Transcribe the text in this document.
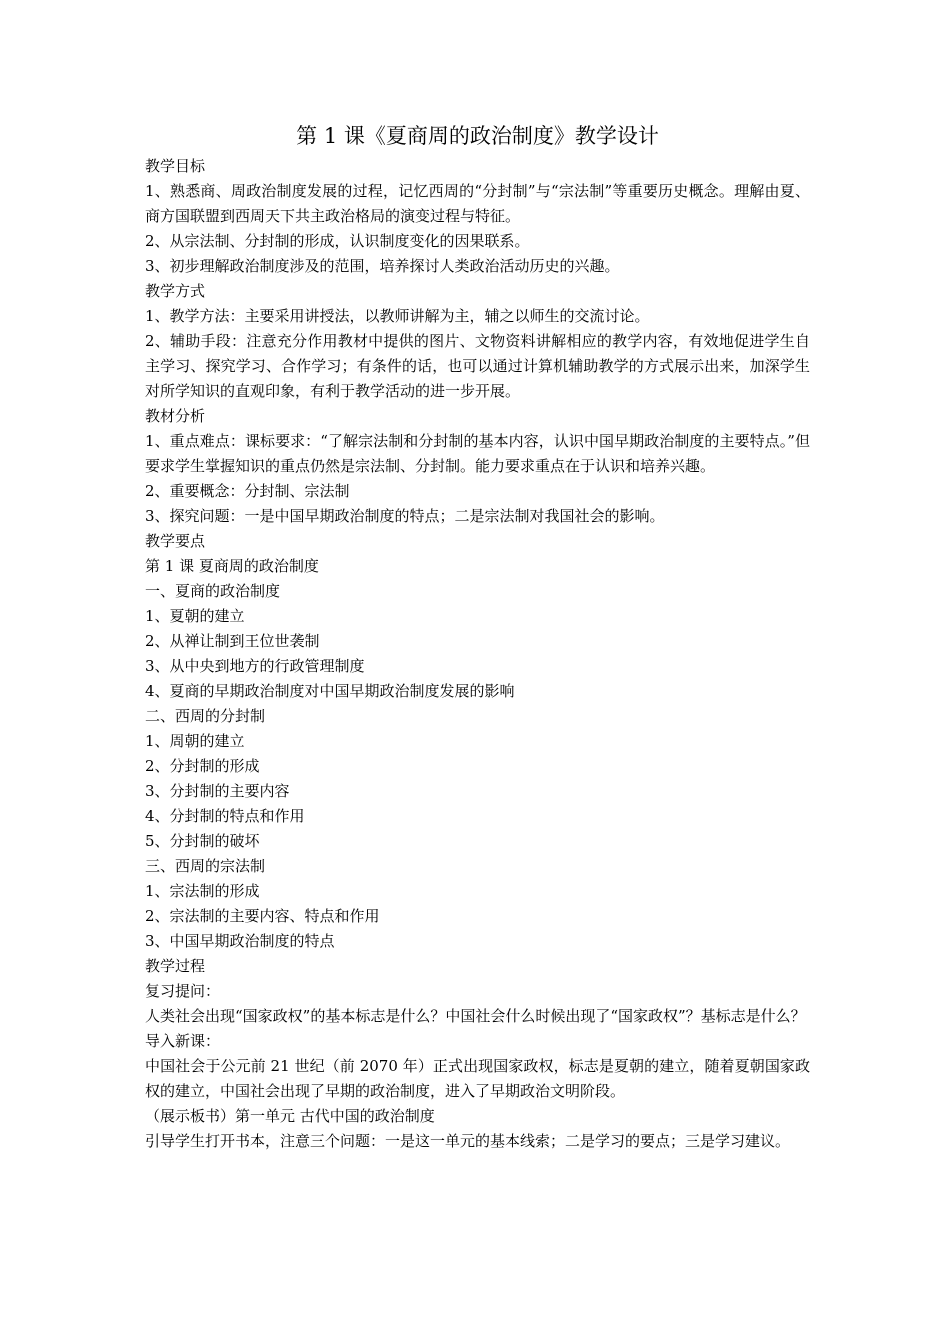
第 1 课《夏商周的政治制度》教学设计

教学目标

1、熟悉商、周政治制度发展的过程，记忆西周的“分封制”与“宗法制”等重要历史概念。理解由夏、商方国联盟到西周天下共主政治格局的演变过程与特征。

2、从宗法制、分封制的形成，认识制度变化的因果联系。

3、初步理解政治制度涉及的范围，培养探讨人类政治活动历史的兴趣。

教学方式

1、教学方法：主要采用讲授法，以教师讲解为主，辅之以师生的交流讨论。

2、辅助手段：注意充分作用教材中提供的图片、文物资料讲解相应的教学内容，有效地促进学生自主学习、探究学习、合作学习；有条件的话，也可以通过计算机辅助教学的方式展示出来，加深学生对所学知识的直观印象，有利于教学活动的进一步开展。

教材分析

1、重点难点：课标要求：“了解宗法制和分封制的基本内容，认识中国早期政治制度的主要特点。”但要求学生掌握知识的重点仍然是宗法制、分封制。能力要求重点在于认识和培养兴趣。

2、重要概念：分封制、宗法制

3、探究问题：一是中国早期政治制度的特点；二是宗法制对我国社会的影响。

教学要点

第 1 课 夏商周的政治制度

一、夏商的政治制度

1、夏朝的建立

2、从禅让制到王位世袭制

3、从中央到地方的行政管理制度

4、夏商的早期政治制度对中国早期政治制度发展的影响

二、西周的分封制

1、周朝的建立

2、分封制的形成

3、分封制的主要内容

4、分封制的特点和作用

5、分封制的破坏

三、西周的宗法制

1、宗法制的形成

2、宗法制的主要内容、特点和作用

3、中国早期政治制度的特点

教学过程

复习提问：

人类社会出现“国家政权”的基本标志是什么？中国社会什么时候出现了“国家政权”？基标志是什么？

导入新课：

中国社会于公元前 21 世纪（前 2070 年）正式出现国家政权，标志是夏朝的建立，随着夏朝国家政权的建立，中国社会出现了早期的政治制度，进入了早期政治文明阶段。

（展示板书）第一单元 古代中国的政治制度

引导学生打开书本，注意三个问题：一是这一单元的基本线索；二是学习的要点；三是学习建议。
